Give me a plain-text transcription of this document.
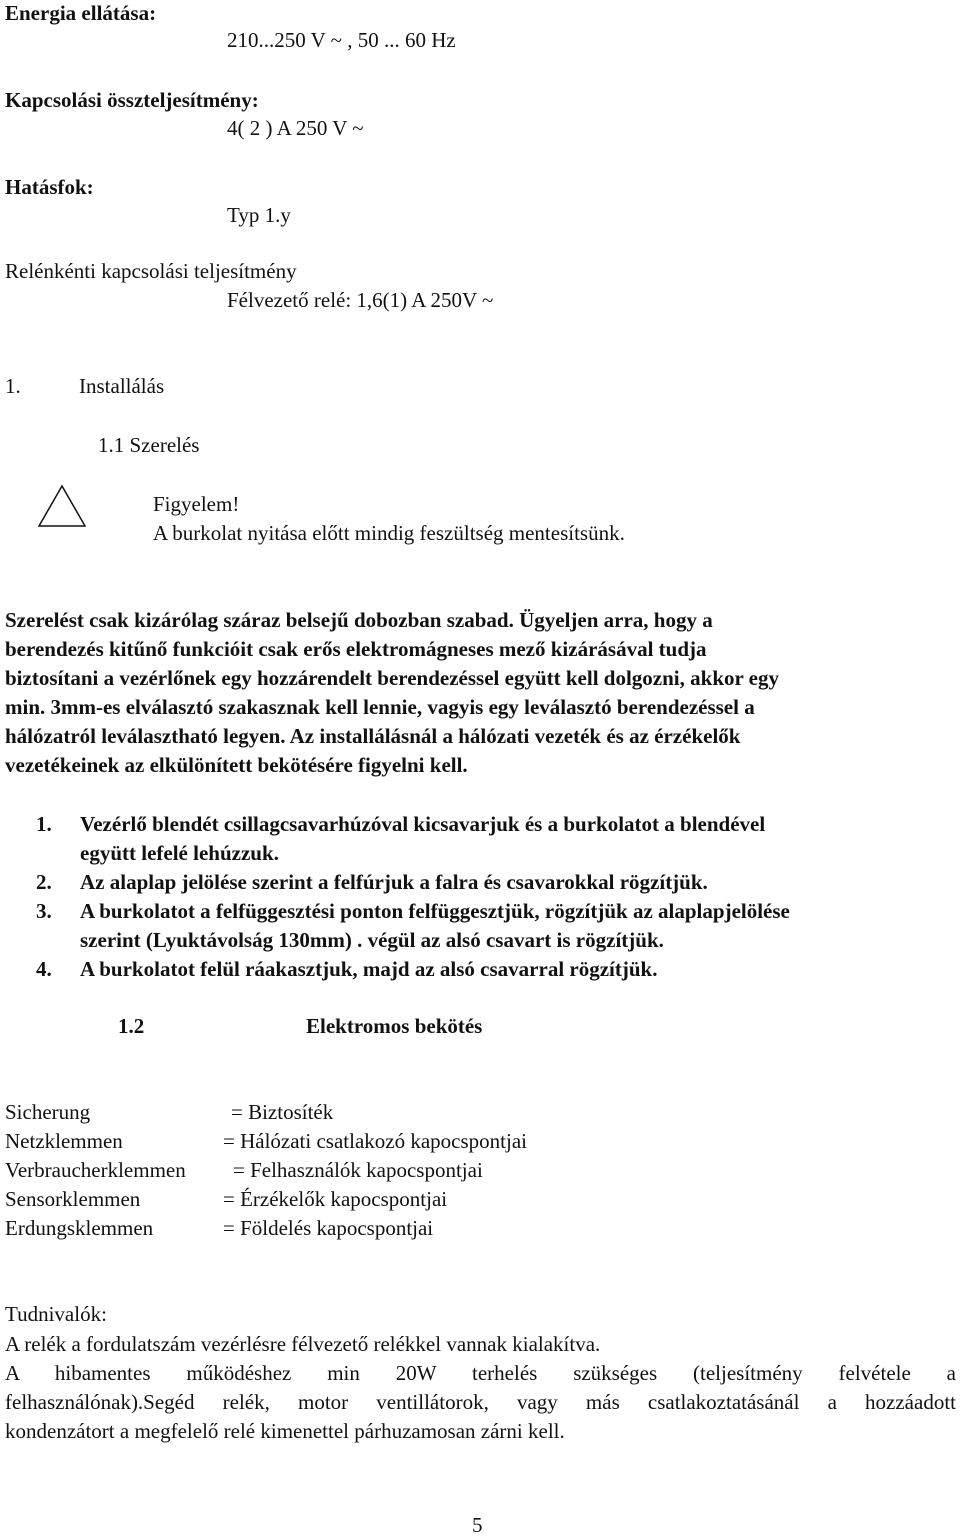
Energia ellátása:
210...250 V ~ , 50 ... 60 Hz
Kapcsolási összteljesítmény:
4( 2 ) A 250 V ~
Hatásfok:
Typ 1.y
Relénkénti kapcsolási teljesítmény
Félvezető relé: 1,6(1) A 250V ~
1.	Installálás
1.1 Szerelés
Figyelem!
A burkolat nyitása előtt mindig feszültség mentesítsünk.
Szerelést csak kizárólag száraz belsejű dobozban szabad. Ügyeljen arra, hogy a
berendezés kitűnő funkcióit csak erős elektromágneses mező kizárásával tudja
biztosítani a vezérlőnek egy hozzárendelt berendezéssel együtt kell dolgozni, akkor egy
min. 3mm-es elválasztó szakasznak kell lennie, vagyis egy leválasztó berendezéssel a
hálózatról leválasztható legyen. Az installálásnál a hálózati vezeték és az érzékelők
vezetékeinek az elkülönített bekötésére figyelni kell.
1. Vezérlő blendét csillagcsavarhúzóval kicsavarjuk és a burkolatot a blendével
együtt lefelé lehúzzuk.
2. Az alaplap jelölése szerint a felfúrjuk a falra és csavarokkal rögzítjük.
3. A burkolatot a felfüggesztési ponton felfüggesztjük, rögzítjük az alaplapjelölése
szerint (Lyuktávolság 130mm) . végül az alsó csavart is rögzítjük.
4. A burkolatot felül ráakasztjuk, majd az alsó csavarral rögzítjük.
1.2	Elektromos bekötés
Sicherung	= Biztosíték
Netzklemmen	= Hálózati csatlakozó kapocspontjai
Verbraucherklemmen = Felhasználók kapocspontjai
Sensorklemmen	= Érzékelők kapocspontjai
Erdungsklemmen	= Földelés kapocspontjai
Tudnivalók:
A relék a fordulatszám vezérlésre félvezető relékkel vannak kialakítva.
A hibamentes működéshez min 20W terhelés szükséges (teljesítmény felvétele a
felhasználónak).Segéd relék, motor ventillátorok, vagy más csatlakoztatásánál a hozzáadott
kondenzátort a megfelelő relé kimenettel párhuzamosan zárni kell.
5
